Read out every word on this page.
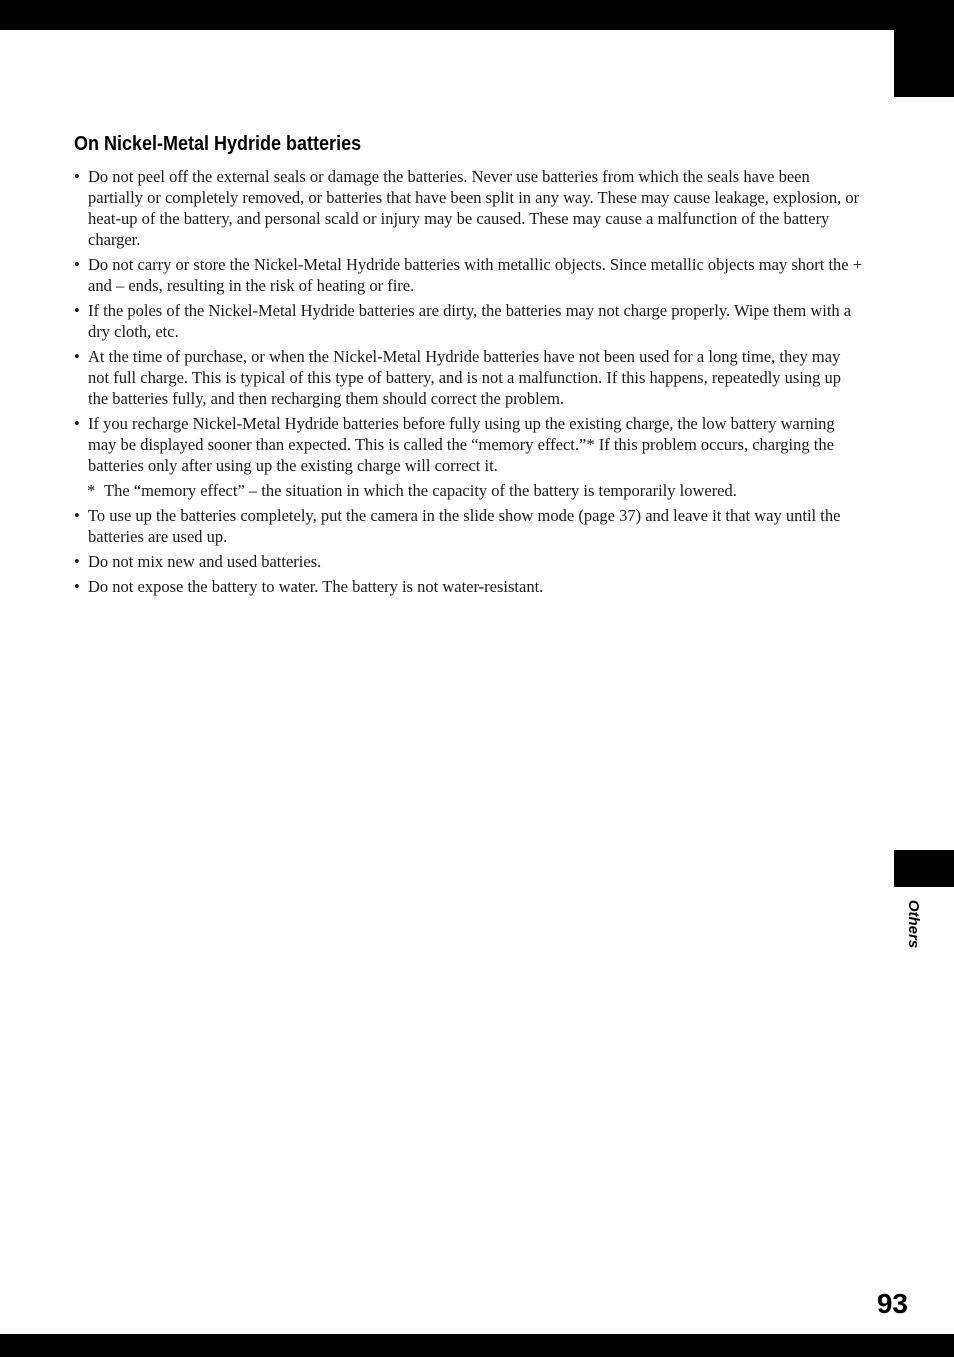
Others
On Nickel-Metal Hydride batteries
• Do not peel off the external seals or damage the batteries. Never use batteries from which the seals have been partially or completely removed, or batteries that have been split in any way. These may cause leakage, explosion, or heat-up of the battery, and personal scald or injury may be caused. These may cause a malfunction of the battery charger.
• Do not carry or store the Nickel-Metal Hydride batteries with metallic objects. Since metallic objects may short the + and – ends, resulting in the risk of heating or fire.
• If the poles of the Nickel-Metal Hydride batteries are dirty, the batteries may not charge properly. Wipe them with a dry cloth, etc.
• At the time of purchase, or when the Nickel-Metal Hydride batteries have not been used for a long time, they may not full charge. This is typical of this type of battery, and is not a malfunction. If this happens, repeatedly using up the batteries fully, and then recharging them should correct the problem.
• If you recharge Nickel-Metal Hydride batteries before fully using up the existing charge, the low battery warning may be displayed sooner than expected. This is called the “memory effect.”* If this problem occurs, charging the batteries only after using up the existing charge will correct it.
* The “memory effect” – the situation in which the capacity of the battery is temporarily lowered.
• To use up the batteries completely, put the camera in the slide show mode (page 37) and leave it that way until the batteries are used up.
• Do not mix new and used batteries.
• Do not expose the battery to water. The battery is not water-resistant.
93
